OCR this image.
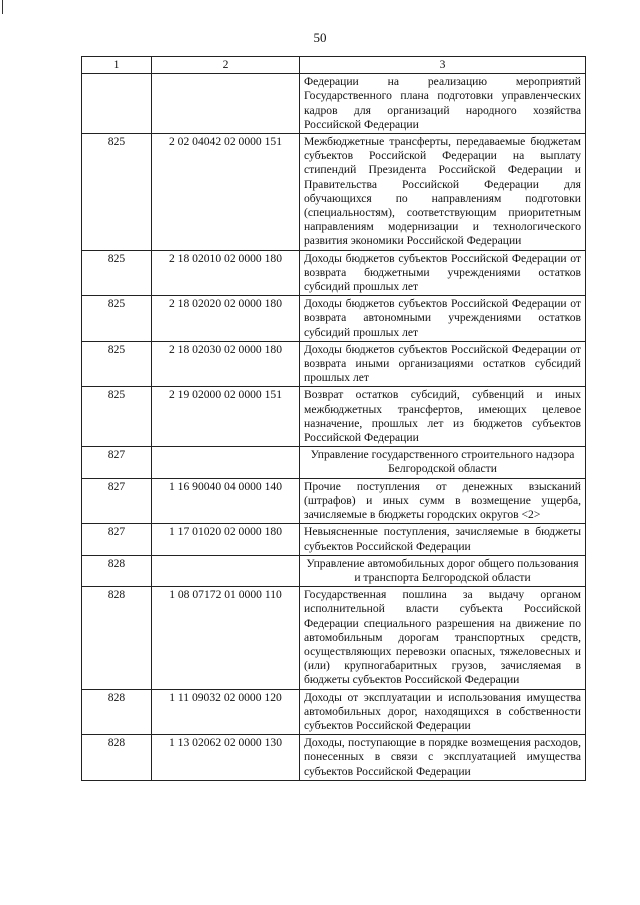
50
1	2	3
		Федерации на реализацию мероприятий Государственного плана подготовки управленческих кадров для организаций народного хозяйства Российской Федерации
825	2 02 04042 02 0000 151	Межбюджетные трансферты, передаваемые бюджетам субъектов Российской Федерации на выплату стипендий Президента Российской Федерации и Правительства Российской Федерации для обучающихся по направлениям подготовки (специальностям), соответствующим приоритетным направлениям модернизации и технологического развития экономики Российской Федерации
825	2 18 02010 02 0000 180	Доходы бюджетов субъектов Российской Федерации от возврата бюджетными учреждениями остатков субсидий прошлых лет
825	2 18 02020 02 0000 180	Доходы бюджетов субъектов Российской Федерации от возврата автономными учреждениями остатков субсидий прошлых лет
825	2 18 02030 02 0000 180	Доходы бюджетов субъектов Российской Федерации от возврата иными организациями остатков субсидий прошлых лет
825	2 19 02000 02 0000 151	Возврат остатков субсидий, субвенций и иных межбюджетных трансфертов, имеющих целевое назначение, прошлых лет из бюджетов субъектов Российской Федерации
827		Управление государственного строительного надзора Белгородской области
827	1 16 90040 04 0000 140	Прочие поступления от денежных взысканий (штрафов) и иных сумм в возмещение ущерба, зачисляемые в бюджеты городских округов <2>
827	1 17 01020 02 0000 180	Невыясненные поступления, зачисляемые в бюджеты субъектов Российской Федерации
828		Управление автомобильных дорог общего пользования и транспорта Белгородской области
828	1 08 07172 01 0000 110	Государственная пошлина за выдачу органом исполнительной власти субъекта Российской Федерации специального разрешения на движение по автомобильным дорогам транспортных средств, осуществляющих перевозки опасных, тяжеловесных и (или) крупногабаритных грузов, зачисляемая в бюджеты субъектов Российской Федерации
828	1 11 09032 02 0000 120	Доходы от эксплуатации и использования имущества автомобильных дорог, находящихся в собственности субъектов Российской Федерации
828	1 13 02062 02 0000 130	Доходы, поступающие в порядке возмещения расходов, понесенных в связи с эксплуатацией имущества субъектов Российской Федерации
